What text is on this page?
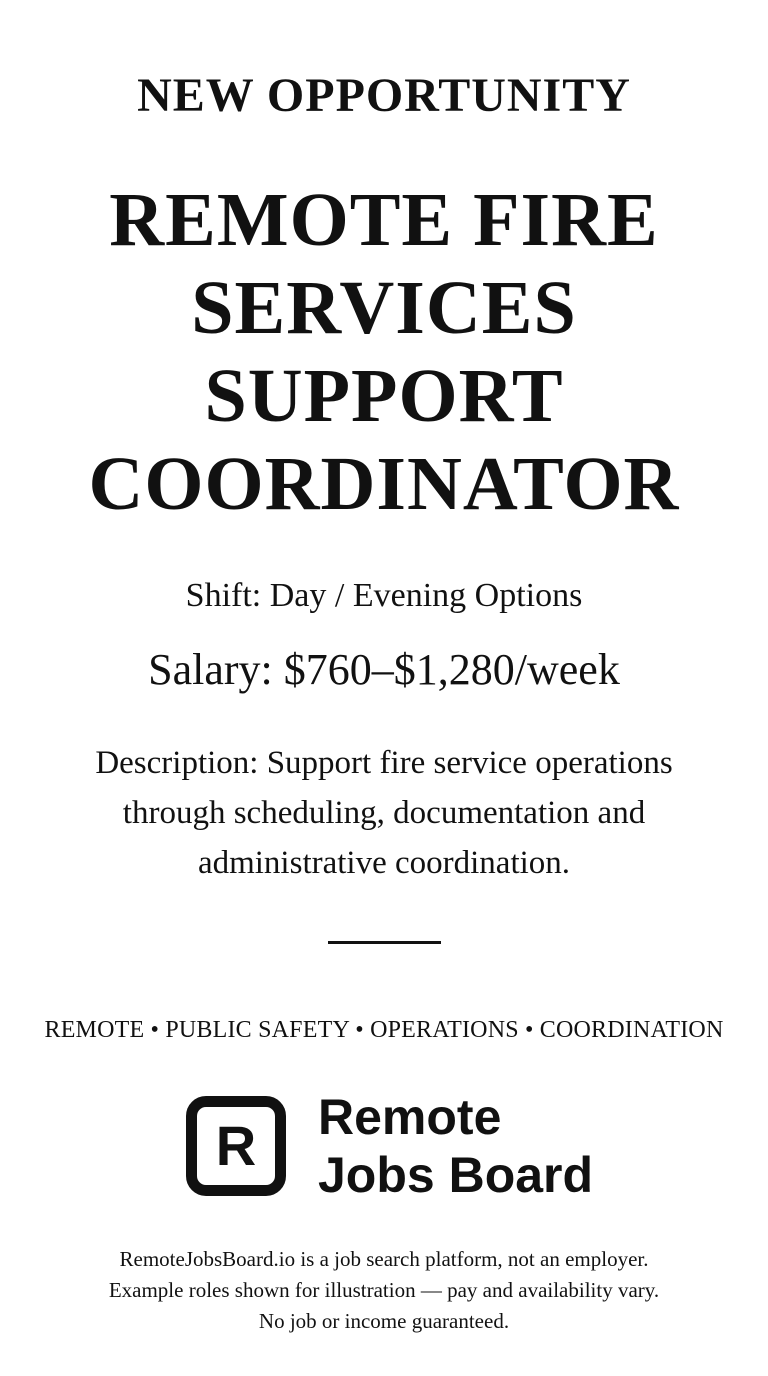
NEW OPPORTUNITY
REMOTE FIRE
SERVICES
SUPPORT
COORDINATOR
Shift: Day / Evening Options
Salary: $760–$1,280/week
Description: Support fire service operations through scheduling, documentation and administrative coordination.
REMOTE • PUBLIC SAFETY • OPERATIONS • COORDINATION
R Remote
Jobs Board
RemoteJobsBoard.io is a job search platform, not an employer.
Example roles shown for illustration — pay and availability vary.
No job or income guaranteed.
